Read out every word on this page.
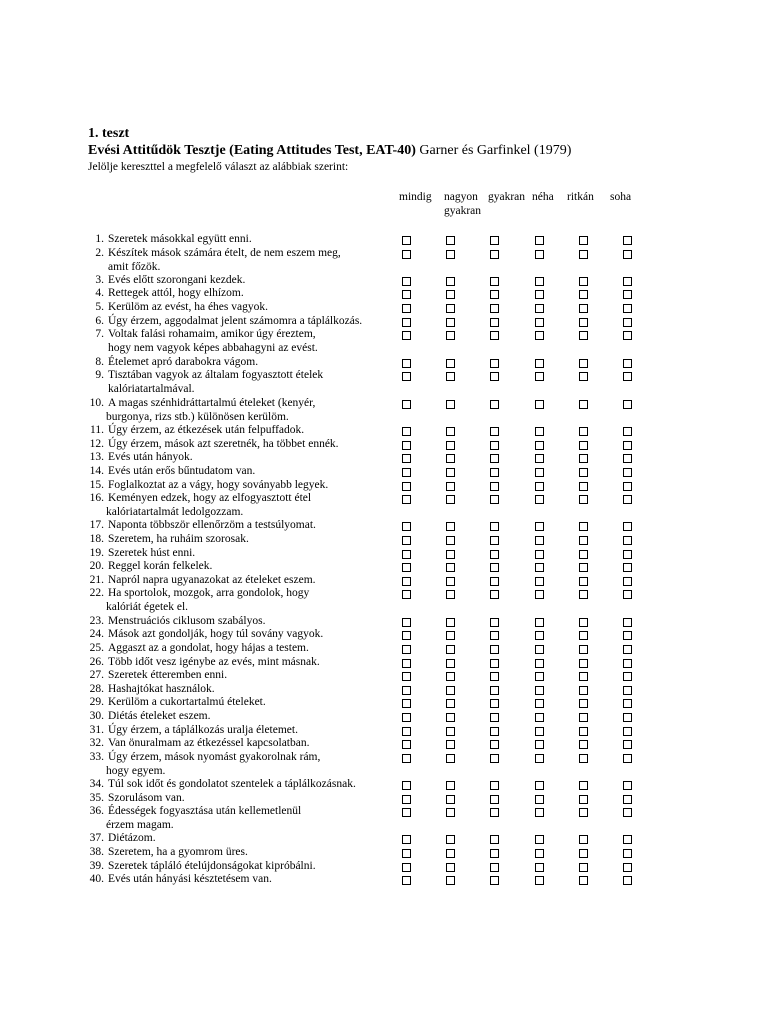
1. teszt
Evési Attitűdök Tesztje (Eating Attitudes Test, EAT-40) Garner és Garfinkel (1979)
Jelölje kereszttel a megfelelő választ az alábbiak szerint:
mindig nagyon
gyakran
gyakran néha ritkán soha
1. Szeretek másokkal együtt enni.
2. Készítek mások számára ételt, de nem eszem meg,
amit főzök.
3. Evés előtt szorongani kezdek.
4. Rettegek attól, hogy elhízom.
5. Kerülöm az evést, ha éhes vagyok.
6. Úgy érzem, aggodalmat jelent számomra a táplálkozás.
7. Voltak falási rohamaim, amikor úgy éreztem,
hogy nem vagyok képes abbahagyni az evést.
8. Ételemet apró darabokra vágom.
9. Tisztában vagyok az általam fogyasztott ételek
kalóriatartalmával.
10. A magas szénhidráttartalmú ételeket (kenyér,
burgonya, rizs stb.) különösen kerülöm.
11. Úgy érzem, az étkezések után felpuffadok.
12. Úgy érzem, mások azt szeretnék, ha többet ennék.
13. Evés után hányok.
14. Evés után erős bűntudatom van.
15. Foglalkoztat az a vágy, hogy soványabb legyek.
16. Keményen edzek, hogy az elfogyasztott étel
kalóriatartalmát ledolgozzam.
17. Naponta többször ellenőrzöm a testsúlyomat.
18. Szeretem, ha ruháim szorosak.
19. Szeretek húst enni.
20. Reggel korán felkelek.
21. Napról napra ugyanazokat az ételeket eszem.
22. Ha sportolok, mozgok, arra gondolok, hogy
kalóriát égetek el.
23. Menstruációs ciklusom szabályos.
24. Mások azt gondolják, hogy túl sovány vagyok.
25. Aggaszt az a gondolat, hogy hájas a testem.
26. Több időt vesz igénybe az evés, mint másnak.
27. Szeretek étteremben enni.
28. Hashajtókat használok.
29. Kerülöm a cukortartalmú ételeket.
30. Diétás ételeket eszem.
31. Úgy érzem, a táplálkozás uralja életemet.
32. Van önuralmam az étkezéssel kapcsolatban.
33. Úgy érzem, mások nyomást gyakorolnak rám,
hogy egyem.
34. Túl sok időt és gondolatot szentelek a táplálkozásnak.
35. Szorulásom van.
36. Édességek fogyasztása után kellemetlenül
érzem magam.
37. Diétázom.
38. Szeretem, ha a gyomrom üres.
39. Szeretek tápláló ételújdonságokat kipróbálni.
40. Evés után hányási késztetésem van.
